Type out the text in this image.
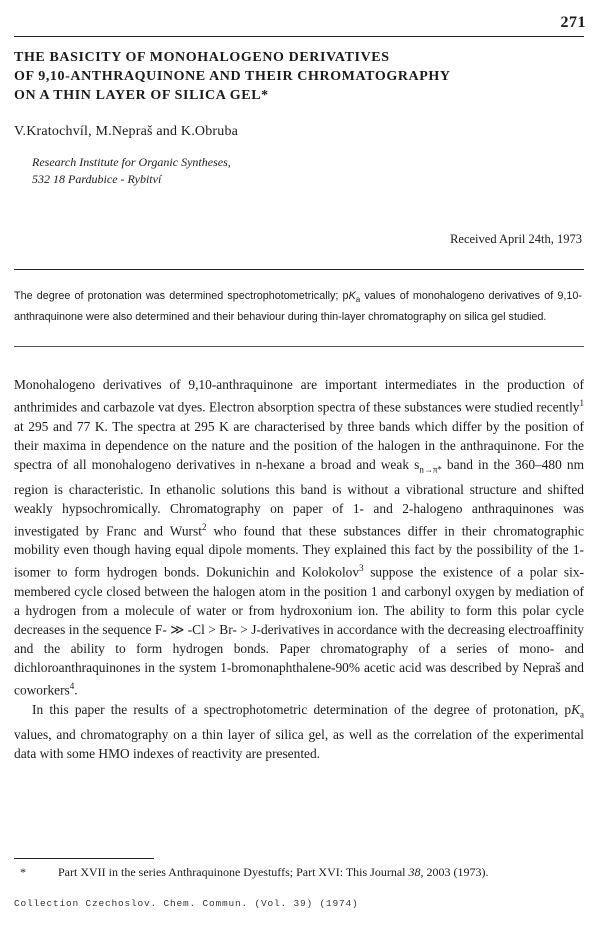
271
THE BASICITY OF MONOHALOGENO DERIVATIVES
OF 9,10-ANTHRAQUINONE AND THEIR CHROMATOGRAPHY
ON A THIN LAYER OF SILICA GEL*
V.Kratochvíl, M.Nepraš and K.Obruba
Research Institute for Organic Syntheses,
532 18 Pardubice - Rybitví
Received April 24th, 1973
The degree of protonation was determined spectrophotometrically; $pK_a$ values of monohalogeno derivatives of 9,10-anthraquinone were also determined and their behaviour during thin-layer chromatography on silica gel studied.

Monohalogeno derivatives of 9,10-anthraquinone are important intermediates in the production of anthrimides and carbazole vat dyes. Electron absorption spectra of these substances were studied recently$^1$ at 295 and 77 K. The spectra at 295 K are characterised by three bands which differ by the position of their maxima in dependence on the nature and the position of the halogen in the anthraquinone. For the spectra of all monohalogeno derivatives in n-hexane a broad and weak $s_{n\to\pi*}$ band in the 360–480 nm region is characteristic. In ethanolic solutions this band is without a vibrational structure and shifted weakly hypsochromically. Chromatography on paper of 1- and 2-halogeno anthraquinones was investigated by Franc and Wurst$^2$ who found that these substances differ in their chromatographic mobility even though having equal dipole moments. They explained this fact by the possibility of the 1-isomer to form hydrogen bonds. Dokunichin and Kolokolov$^3$ suppose the existence of a polar six-membered cycle closed between the halogen atom in the position 1 and carbonyl oxygen by mediation of a hydrogen from a molecule of water or from hydroxonium ion. The ability to form this polar cycle decreases in the sequence F- ≫ -Cl > Br- > J-derivatives in accordance with the decreasing electroaffinity and the ability to form hydrogen bonds. Paper chromatography of a series of mono- and dichloroanthraquinones in the system 1-bromonaphthalene-90% acetic acid was described by Nepraš and coworkers$^4$.

In this paper the results of a spectrophotometric determination of the degree of protonation, $pK_a$ values, and chromatography on a thin layer of silica gel, as well as the correlation of the experimental data with some HMO indexes of reactivity are presented.

*	Part XVII in the series Anthraquinone Dyestuffs; Part XVI: This Journal 38, 2003 (1973).
Collection Czechoslov. Chem. Commun. (Vol. 39) (1974)
